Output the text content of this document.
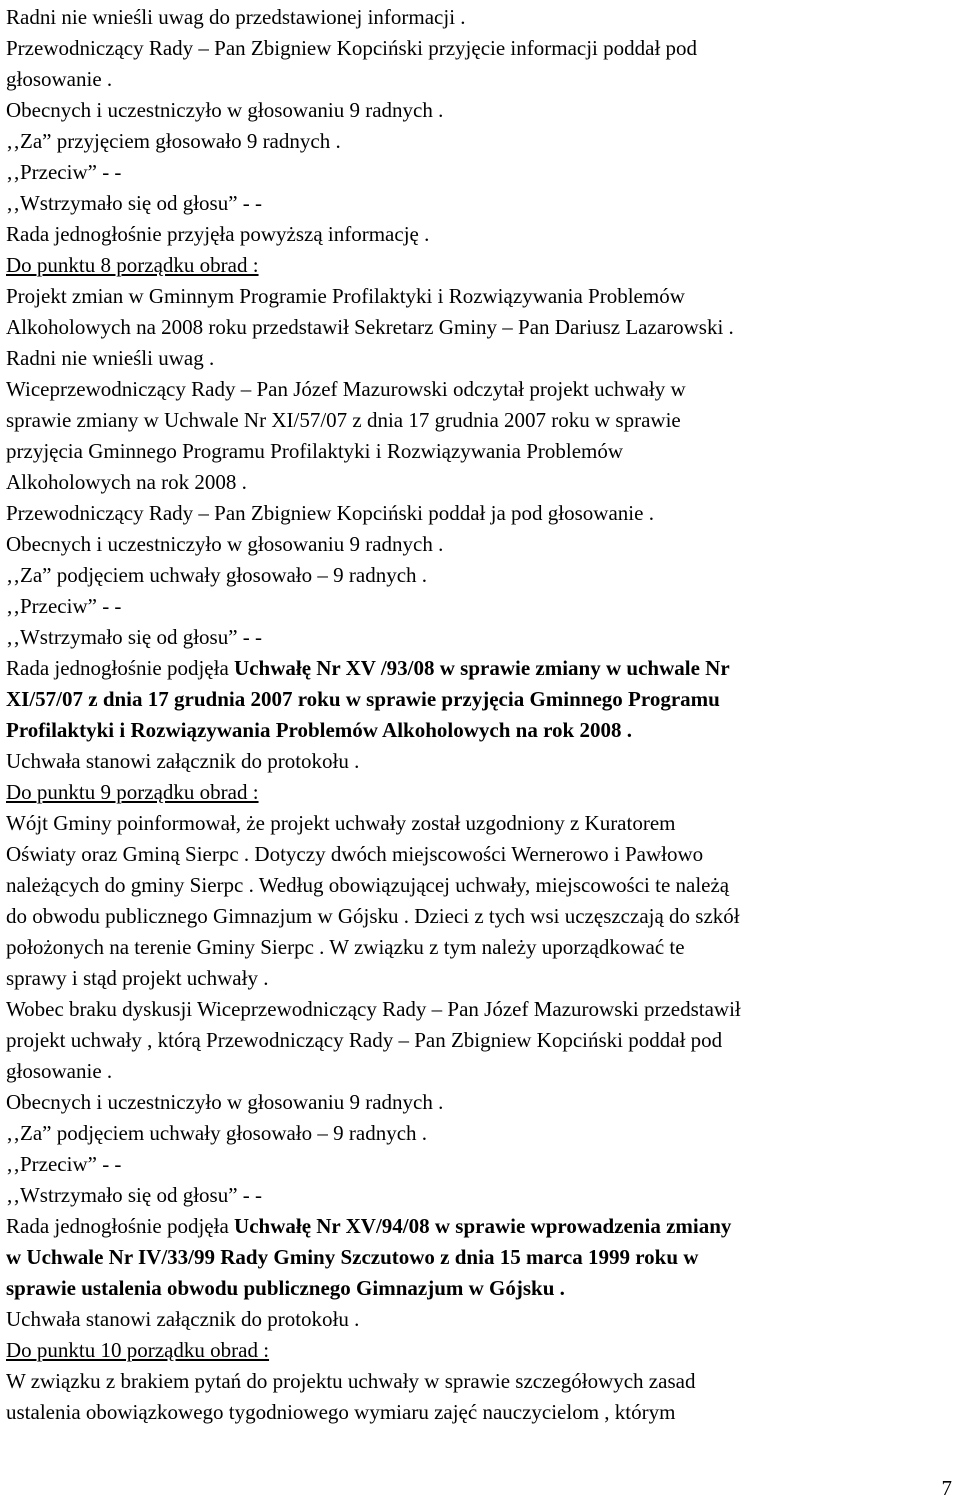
Radni nie wnieśli uwag do przedstawionej informacji .
Przewodniczący Rady – Pan Zbigniew Kopciński przyjęcie informacji poddał pod
głosowanie .
Obecnych i uczestniczyło w głosowaniu 9 radnych .
‚‚Za” przyjęciem głosowało 9 radnych .
‚‚Przeciw” - -
‚‚Wstrzymało się od głosu” - -
Rada jednogłośnie przyjęła powyższą informację .
Do punktu 8 porządku obrad :
Projekt zmian w Gminnym Programie Profilaktyki i Rozwiązywania Problemów
Alkoholowych na 2008 roku przedstawił Sekretarz Gminy – Pan Dariusz Lazarowski .
Radni nie wnieśli uwag .
Wiceprzewodniczący Rady – Pan Józef Mazurowski odczytał projekt uchwały w
sprawie zmiany w Uchwale Nr XI/57/07 z dnia 17 grudnia 2007 roku w sprawie
przyjęcia Gminnego Programu Profilaktyki i Rozwiązywania Problemów
Alkoholowych na rok 2008 .
Przewodniczący Rady – Pan Zbigniew Kopciński poddał ja pod głosowanie .
Obecnych i uczestniczyło w głosowaniu 9 radnych .
‚‚Za” podjęciem uchwały głosowało – 9 radnych .
‚‚Przeciw” - -
‚‚Wstrzymało się od głosu” - -
Rada jednogłośnie podjęła Uchwałę Nr XV /93/08 w sprawie zmiany w uchwale Nr
XI/57/07 z dnia 17 grudnia 2007 roku w sprawie przyjęcia Gminnego Programu
Profilaktyki i Rozwiązywania Problemów Alkoholowych na rok 2008 .
Uchwała stanowi załącznik do protokołu .
Do punktu 9 porządku obrad :
Wójt Gminy poinformował, że projekt uchwały został uzgodniony z Kuratorem
Oświaty oraz Gminą Sierpc . Dotyczy dwóch miejscowości Wernerowo i Pawłowo
należących do gminy Sierpc . Według obowiązującej uchwały, miejscowości te należą
do obwodu publicznego Gimnazjum w Gójsku . Dzieci z tych wsi uczęszczają do szkół
położonych na terenie Gminy Sierpc . W związku z tym należy uporządkować te
sprawy i stąd projekt uchwały .
Wobec braku dyskusji Wiceprzewodniczący Rady – Pan Józef Mazurowski przedstawił
projekt uchwały , którą Przewodniczący Rady – Pan Zbigniew Kopciński poddał pod
głosowanie .
Obecnych i uczestniczyło w głosowaniu 9 radnych .
‚‚Za” podjęciem uchwały głosowało – 9 radnych .
‚‚Przeciw” - -
‚‚Wstrzymało się od głosu” - -
Rada jednogłośnie podjęła Uchwałę Nr XV/94/08 w sprawie wprowadzenia zmiany
w Uchwale Nr IV/33/99 Rady Gminy Szczutowo z dnia 15 marca 1999 roku w
sprawie ustalenia obwodu publicznego Gimnazjum w Gójsku .
Uchwała stanowi załącznik do protokołu .
Do punktu 10 porządku obrad :
W związku z brakiem pytań do projektu uchwały w sprawie szczegółowych zasad
ustalenia obowiązkowego tygodniowego wymiaru zajęć nauczycielom , którym
7
